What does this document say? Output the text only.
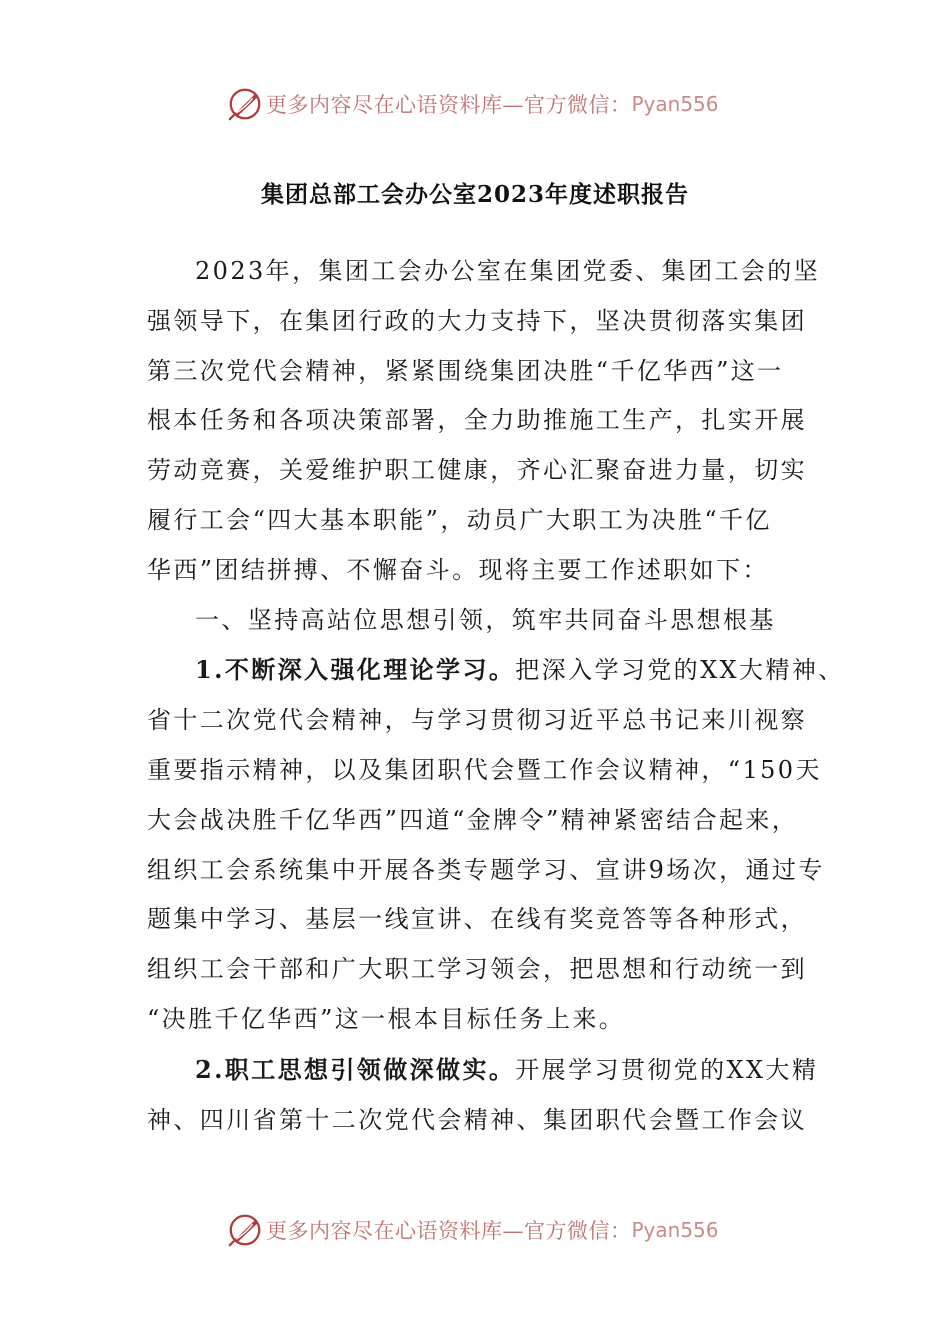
更多内容尽在心语资料库—官方微信： Pyan556
集团总部工会办公室2023年度述职报告
2023年，集团工会办公室在集团党委、集团工会的坚
强领导下，在集团行政的大力支持下，坚决贯彻落实集团
第三次党代会精神，紧紧围绕集团决胜“千亿华西”这一
根本任务和各项决策部署，全力助推施工生产，扎实开展
劳动竞赛，关爱维护职工健康，齐心汇聚奋进力量，切实
履行工会“四大基本职能”，动员广大职工为决胜“千亿
华西”团结拼搏、不懈奋斗。现将主要工作述职如下：
一、坚持高站位思想引领，筑牢共同奋斗思想根基
1.不断深入强化理论学习。把深入学习党的XX大精神、
省十二次党代会精神，与学习贯彻习近平总书记来川视察
重要指示精神，以及集团职代会暨工作会议精神，“150天
大会战决胜千亿华西”四道“金牌令”精神紧密结合起来，
组织工会系统集中开展各类专题学习、宣讲9场次，通过专
题集中学习、基层一线宣讲、在线有奖竞答等各种形式，
组织工会干部和广大职工学习领会，把思想和行动统一到
“决胜千亿华西”这一根本目标任务上来。
2.职工思想引领做深做实。开展学习贯彻党的XX大精
神、四川省第十二次党代会精神、集团职代会暨工作会议
更多内容尽在心语资料库—官方微信： Pyan556
